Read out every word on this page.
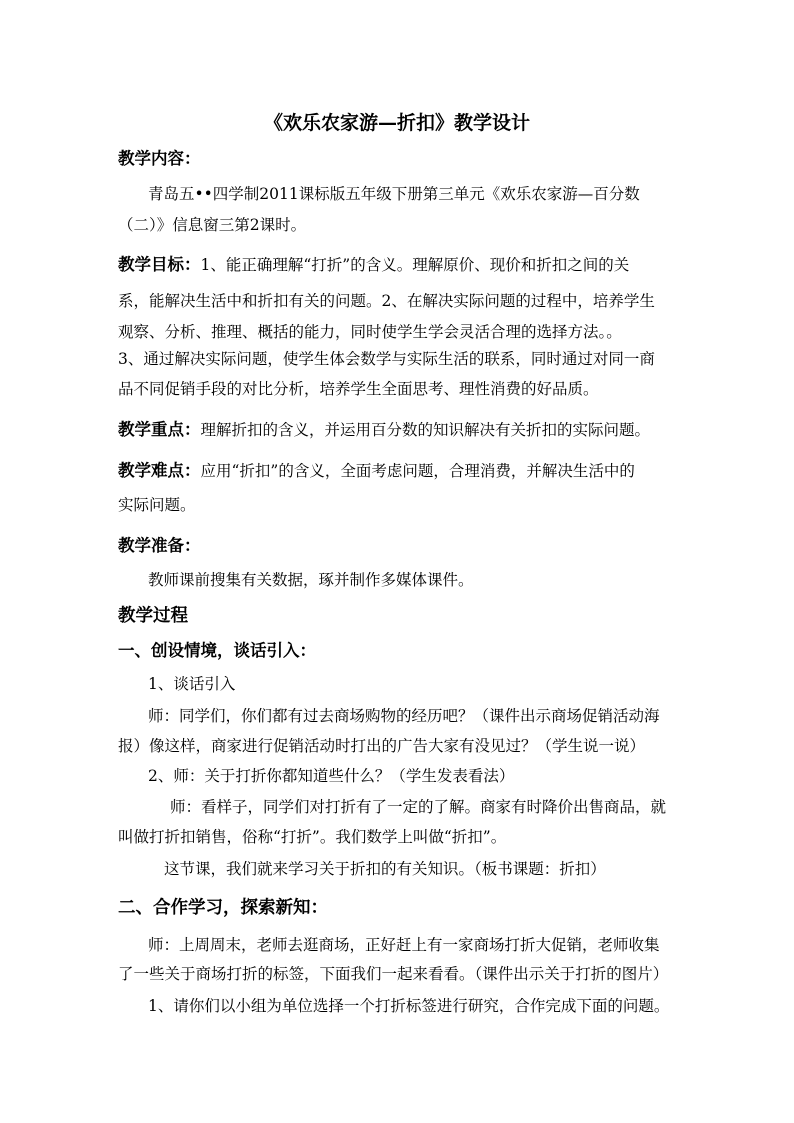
《欢乐农家游—折扣》教学设计
教学内容：
青岛五••四学制2011课标版五年级下册第三单元《欢乐农家游—百分数
（二）》信息窗三第2课时。
教学目标：1、能正确理解“打折”的含义。理解原价、现价和折扣之间的关
系，能解决生活中和折扣有关的问题。2、在解决实际问题的过程中，培养学生
观察、分析、推理、概括的能力，同时使学生学会灵活合理的选择方法。。
3、通过解决实际问题，使学生体会数学与实际生活的联系，同时通过对同一商
品不同促销手段的对比分析，培养学生全面思考、理性消费的好品质。
教学重点：理解折扣的含义，并运用百分数的知识解决有关折扣的实际问题。
教学难点：应用“折扣”的含义，全面考虑问题，合理消费，并解决生活中的
实际问题。
教学准备：
教师课前搜集有关数据，琢并制作多媒体课件。
教学过程
一、创设情境，谈话引入：
1、谈话引入
师：同学们，你们都有过去商场购物的经历吧？（课件出示商场促销活动海
报）像这样，商家进行促销活动时打出的广告大家有没见过？（学生说一说）
2、师：关于打折你都知道些什么？（学生发表看法）
师：看样子，同学们对打折有了一定的了解。商家有时降价出售商品，就
叫做打折扣销售，俗称“打折”。我们数学上叫做“折扣”。
这节课，我们就来学习关于折扣的有关知识。（板书课题：折扣）
二、合作学习，探索新知：
师：上周周末，老师去逛商场，正好赶上有一家商场打折大促销，老师收集
了一些关于商场打折的标签，下面我们一起来看看。（课件出示关于打折的图片）
1、请你们以小组为单位选择一个打折标签进行研究，合作完成下面的问题。
